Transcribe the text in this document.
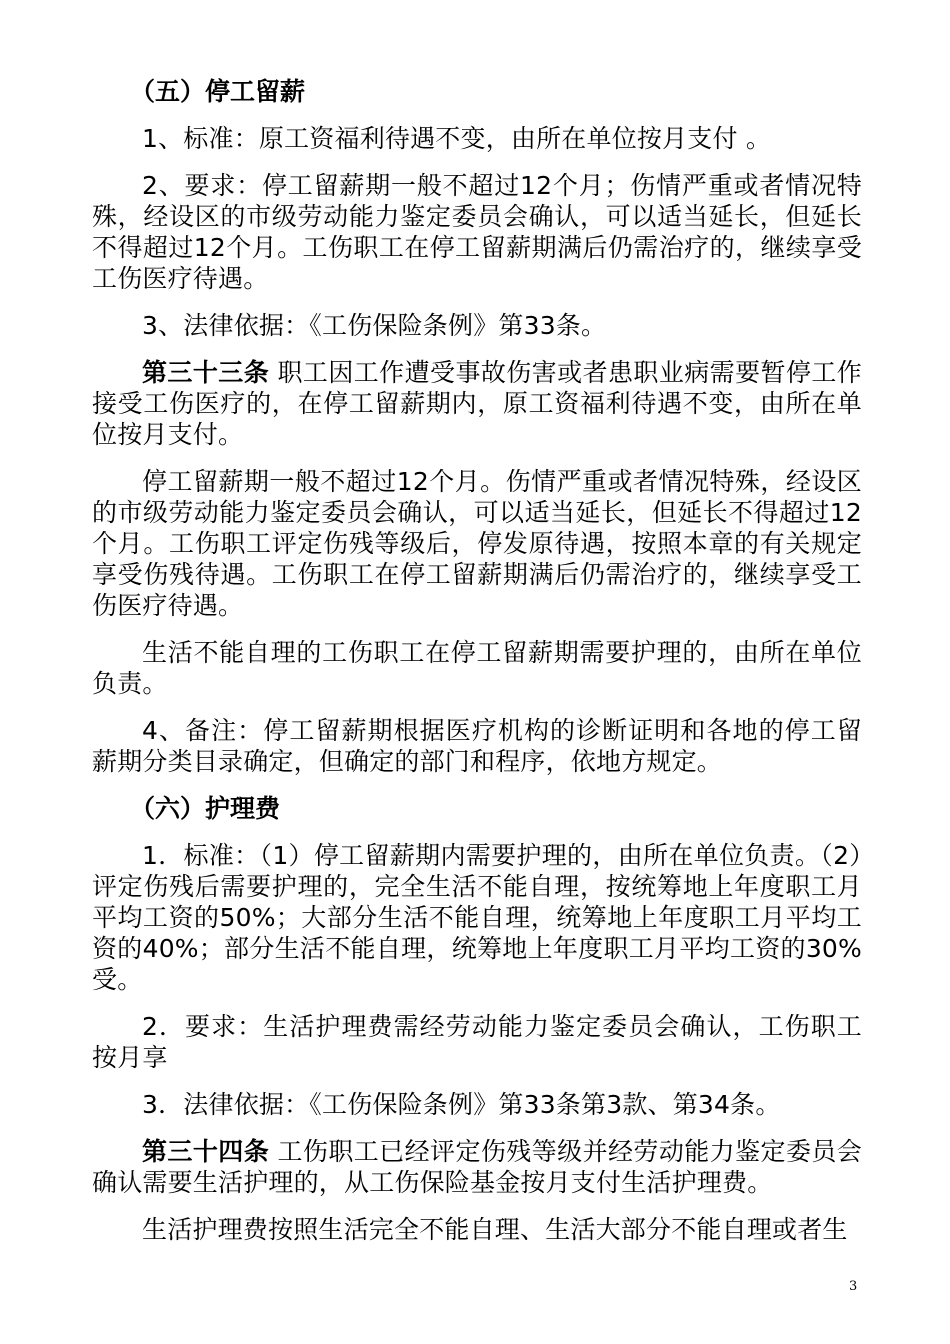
（五）停工留薪

1、标准：原工资福利待遇不变，由所在单位按月支付 。

2、要求：停工留薪期一般不超过12个月；伤情严重或者情况特殊，经设区的市级劳动能力鉴定委员会确认，可以适当延长，但延长不得超过12个月。工伤职工在停工留薪期满后仍需治疗的，继续享受工伤医疗待遇。

3、法律依据：《工伤保险条例》第33条。

第三十三条 职工因工作遭受事故伤害或者患职业病需要暂停工作接受工伤医疗的，在停工留薪期内，原工资福利待遇不变，由所在单位按月支付。

停工留薪期一般不超过12个月。伤情严重或者情况特殊，经设区的市级劳动能力鉴定委员会确认，可以适当延长，但延长不得超过12个月。工伤职工评定伤残等级后，停发原待遇，按照本章的有关规定享受伤残待遇。工伤职工在停工留薪期满后仍需治疗的，继续享受工伤医疗待遇。

生活不能自理的工伤职工在停工留薪期需要护理的，由所在单位负责。

4、备注：停工留薪期根据医疗机构的诊断证明和各地的停工留薪期分类目录确定，但确定的部门和程序，依地方规定。

（六）护理费

1．标准：（1）停工留薪期内需要护理的，由所在单位负责。（2）评定伤残后需要护理的，完全生活不能自理，按统筹地上年度职工月平均工资的50%；大部分生活不能自理，统筹地上年度职工月平均工资的40%；部分生活不能自理，统筹地上年度职工月平均工资的30%受。

2．要求：生活护理费需经劳动能力鉴定委员会确认，工伤职工按月享

3．法律依据：《工伤保险条例》第33条第3款、第34条。

第三十四条 工伤职工已经评定伤残等级并经劳动能力鉴定委员会确认需要生活护理的，从工伤保险基金按月支付生活护理费。

生活护理费按照生活完全不能自理、生活大部分不能自理或者生

3
